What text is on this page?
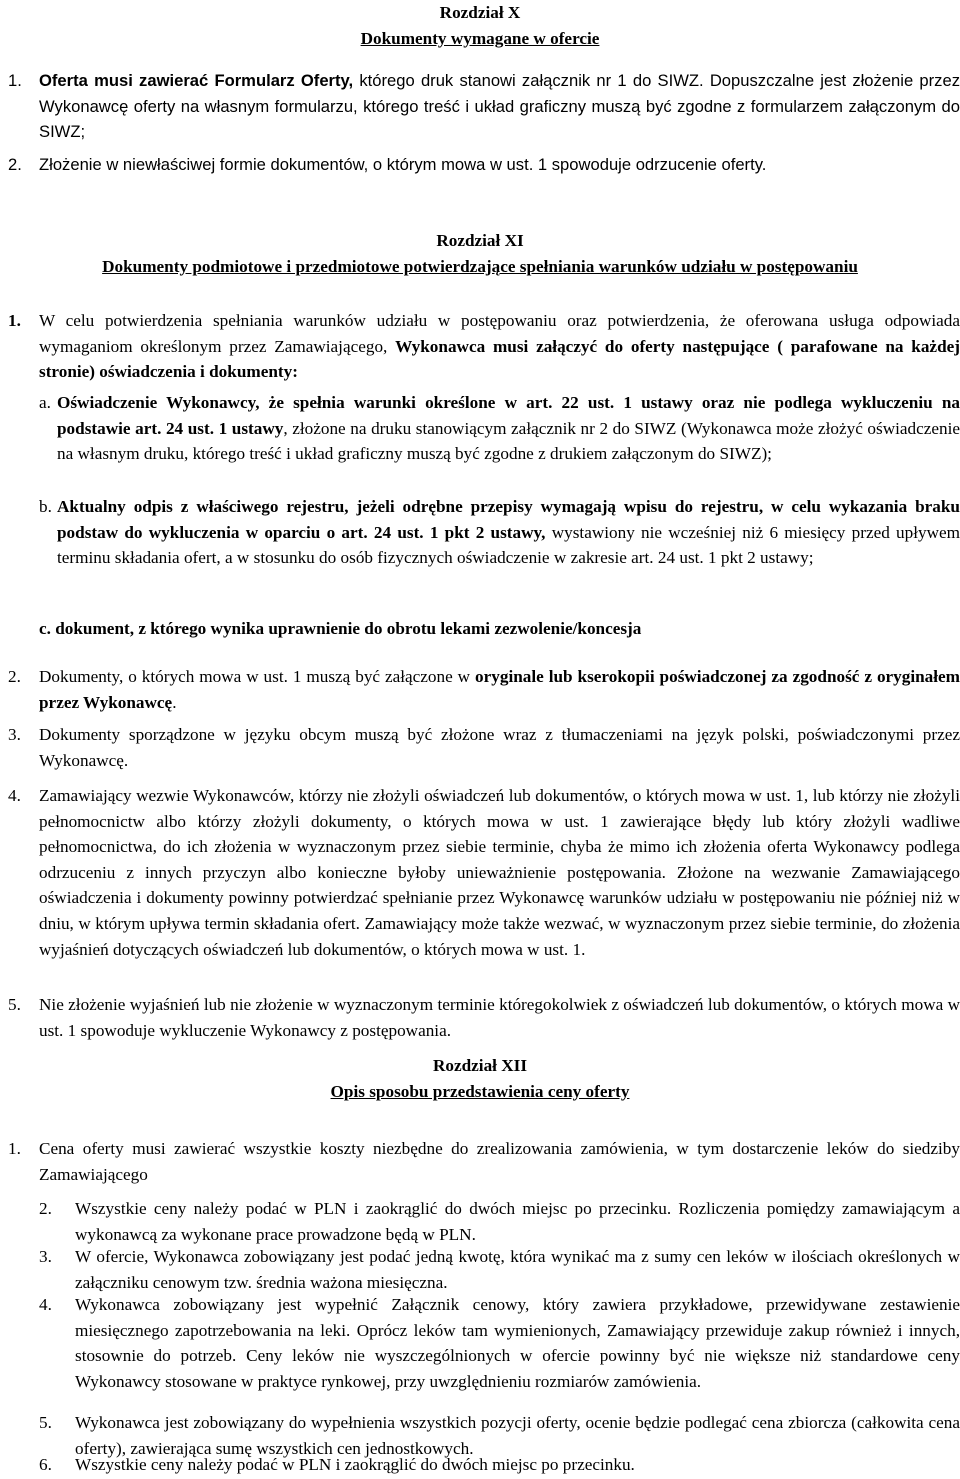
Rozdział X
Dokumenty wymagane w ofercie
1. Oferta musi zawierać Formularz Oferty, którego druk stanowi załącznik nr 1 do SIWZ. Dopuszczalne jest złożenie przez Wykonawcę oferty na własnym formularzu, którego treść i układ graficzny muszą być zgodne z formularzem załączonym do SIWZ;
2. Złożenie w niewłaściwej formie dokumentów, o którym mowa w ust. 1 spowoduje odrzucenie oferty.
Rozdział XI
Dokumenty podmiotowe i przedmiotowe potwierdzające spełniania warunków udziału w postępowaniu
1. W celu potwierdzenia spełniania warunków udziału w postępowaniu oraz potwierdzenia, że oferowana usługa odpowiada wymaganiom określonym przez Zamawiającego, Wykonawca musi załączyć do oferty następujące ( parafowane na każdej stronie) oświadczenia i dokumenty:
a. Oświadczenie Wykonawcy, że spełnia warunki określone w art. 22 ust. 1 ustawy oraz nie podlega wykluczeniu na podstawie art. 24 ust. 1 ustawy, złożone na druku stanowiącym załącznik nr 2 do SIWZ (Wykonawca może złożyć oświadczenie na własnym druku, którego treść i układ graficzny muszą być zgodne z drukiem załączonym do SIWZ);
b. Aktualny odpis z właściwego rejestru, jeżeli odrębne przepisy wymagają wpisu do rejestru, w celu wykazania braku podstaw do wykluczenia w oparciu o art. 24 ust. 1 pkt 2 ustawy, wystawiony nie wcześniej niż 6 miesięcy przed upływem terminu składania ofert, a w stosunku do osób fizycznych oświadczenie w zakresie art. 24 ust. 1 pkt 2 ustawy;
c. dokument, z którego wynika uprawnienie do obrotu lekami zezwolenie/koncesja
2. Dokumenty, o których mowa w ust. 1 muszą być załączone w oryginale lub kserokopii poświadczonej za zgodność z oryginałem przez Wykonawcę.
3. Dokumenty sporządzone w języku obcym muszą być złożone wraz z tłumaczeniami na język polski, poświadczonymi przez Wykonawcę.
4. Zamawiający wezwie Wykonawców, którzy nie złożyli oświadczeń lub dokumentów, o których mowa w ust. 1, lub którzy nie złożyli pełnomocnictw albo którzy złożyli dokumenty, o których mowa w ust. 1 zawierające błędy lub który złożyli wadliwe pełnomocnictwa, do ich złożenia w wyznaczonym przez siebie terminie, chyba że mimo ich złożenia oferta Wykonawcy podlega odrzuceniu z innych przyczyn albo konieczne byłoby unieważnienie postępowania. Złożone na wezwanie Zamawiającego oświadczenia i dokumenty powinny potwierdzać spełnianie przez Wykonawcę warunków udziału w postępowaniu nie później niż w dniu, w którym upływa termin składania ofert. Zamawiający może także wezwać, w wyznaczonym przez siebie terminie, do złożenia wyjaśnień dotyczących oświadczeń lub dokumentów, o których mowa w ust. 1.
5. Nie złożenie wyjaśnień lub nie złożenie w wyznaczonym terminie któregokolwiek z oświadczeń lub dokumentów, o których mowa w ust. 1 spowoduje wykluczenie Wykonawcy z postępowania.
Rozdział XII
Opis sposobu przedstawienia ceny oferty
1. Cena oferty musi zawierać wszystkie koszty niezbędne do zrealizowania zamówienia, w tym dostarczenie leków do siedziby Zamawiającego
2. Wszystkie ceny należy podać w PLN i zaokrąglić do dwóch miejsc po przecinku. Rozliczenia pomiędzy zamawiającym a wykonawcą za wykonane prace prowadzone będą w PLN.
3. W ofercie, Wykonawca zobowiązany jest podać jedną kwotę, która wynikać ma z sumy cen leków w ilościach określonych w załączniku cenowym tzw. średnia ważona miesięczna.
4. Wykonawca zobowiązany jest wypełnić Załącznik cenowy, który zawiera przykładowe, przewidywane zestawienie miesięcznego zapotrzebowania na leki. Oprócz leków tam wymienionych, Zamawiający przewiduje zakup również i innych, stosownie do potrzeb. Ceny leków nie wyszczególnionych w ofercie powinny być nie większe niż standardowe ceny Wykonawcy stosowane w praktyce rynkowej, przy uwzględnieniu rozmiarów zamówienia.
5. Wykonawca jest zobowiązany do wypełnienia wszystkich pozycji oferty, ocenie będzie podlegać cena zbiorcza (całkowita cena oferty), zawierająca sumę wszystkich cen jednostkowych.
6. Wszystkie ceny należy podać w PLN i zaokrąglić do dwóch miejsc po przecinku.
